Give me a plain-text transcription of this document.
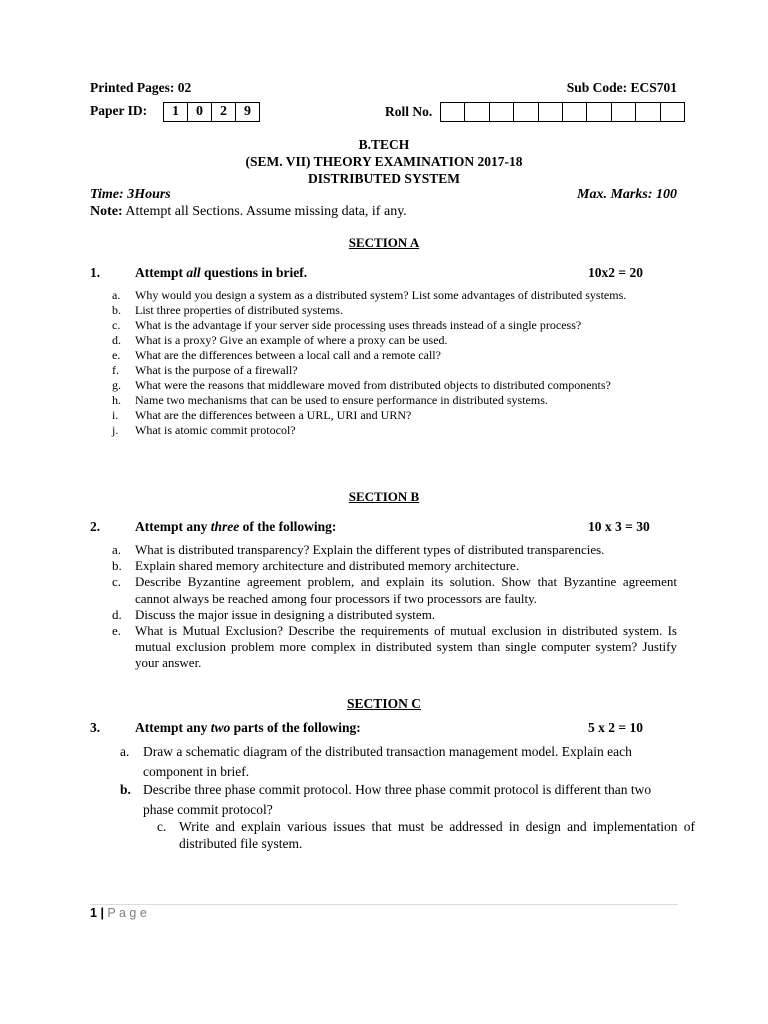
Printed Pages: 02	Sub Code: ECS701
Paper ID:	1	0	2	9	Roll No.
B.TECH
(SEM. VII) THEORY EXAMINATION 2017-18
DISTRIBUTED SYSTEM
Time: 3Hours	Max. Marks: 100
Note: Attempt all Sections. Assume missing data, if any.
SECTION A
1.	Attempt all questions in brief.	10x2 = 20
a. Why would you design a system as a distributed system? List some advantages of distributed systems.
b. List three properties of distributed systems.
c. What is the advantage if your server side processing uses threads instead of a single process?
d. What is a proxy? Give an example of where a proxy can be used.
e. What are the differences between a local call and a remote call?
f. What is the purpose of a firewall?
g. What were the reasons that middleware moved from distributed objects to distributed components?
h. Name two mechanisms that can be used to ensure performance in distributed systems.
i. What are the differences between a URL, URI and URN?
j. What is atomic commit protocol?
SECTION B
2.	Attempt any three of the following:	10 x 3 = 30
a. What is distributed transparency? Explain the different types of distributed transparencies.
b. Explain shared memory architecture and distributed memory architecture.
c. Describe Byzantine agreement problem, and explain its solution. Show that Byzantine agreement cannot always be reached among four processors if two processors are faulty.
d. Discuss the major issue in designing a distributed system.
e. What is Mutual Exclusion? Describe the requirements of mutual exclusion in distributed system. Is mutual exclusion problem more complex in distributed system than single computer system? Justify your answer.
SECTION C
3.	Attempt any two parts of the following:	5 x 2 = 10
a. Draw a schematic diagram of the distributed transaction management model. Explain each component in brief.
b. Describe three phase commit protocol. How three phase commit protocol is different than two phase commit protocol?
c. Write and explain various issues that must be addressed in design and implementation of distributed file system.
1 | P a g e
